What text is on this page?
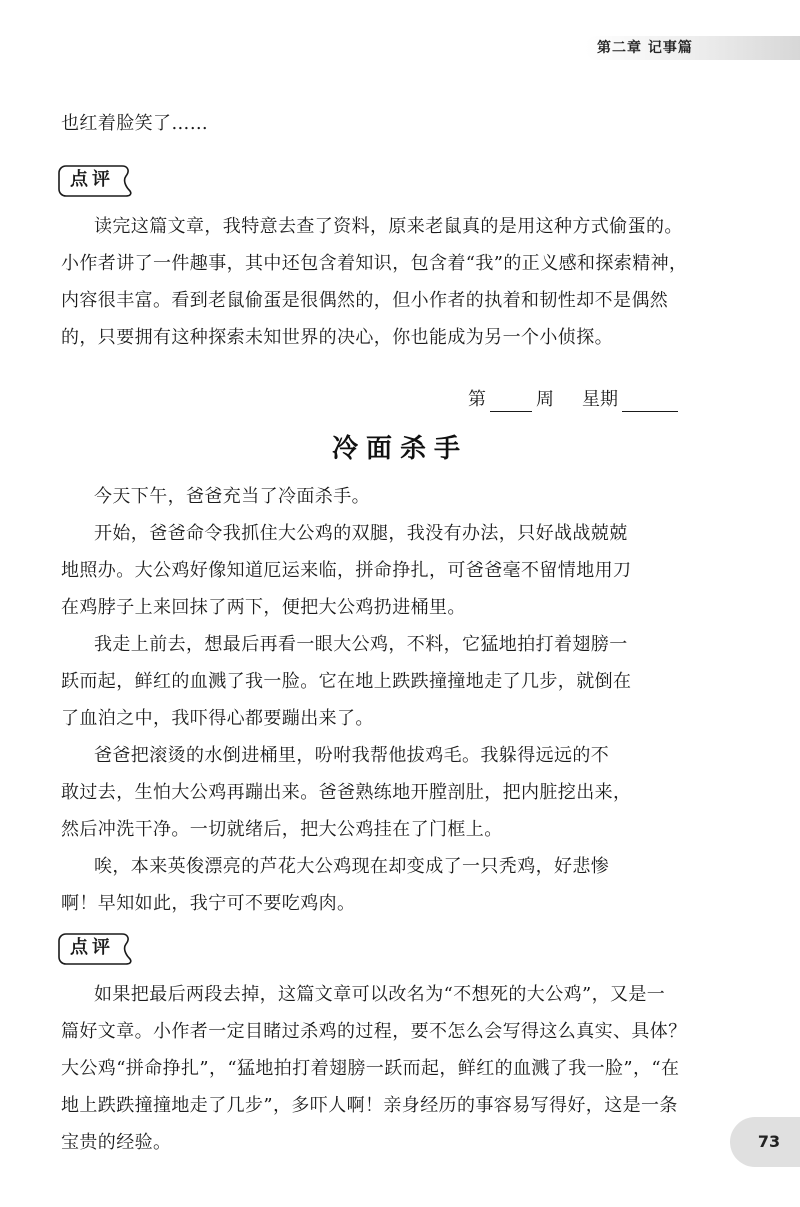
第二章 记事篇
也红着脸笑了……
点评
读完这篇文章，我特意去查了资料，原来老鼠真的是用这种方式偷蛋的。
小作者讲了一件趣事，其中还包含着知识，包含着“我”的正义感和探索精神，
内容很丰富。看到老鼠偷蛋是很偶然的，但小作者的执着和韧性却不是偶然
的，只要拥有这种探索未知世界的决心，你也能成为另一个小侦探。
第	周 星期
冷面杀手
今天下午，爸爸充当了冷面杀手。
开始，爸爸命令我抓住大公鸡的双腿，我没有办法，只好战战兢兢
地照办。大公鸡好像知道厄运来临，拼命挣扎，可爸爸毫不留情地用刀
在鸡脖子上来回抹了两下，便把大公鸡扔进桶里。
我走上前去，想最后再看一眼大公鸡，不料，它猛地拍打着翅膀一
跃而起，鲜红的血溅了我一脸。它在地上跌跌撞撞地走了几步，就倒在
了血泊之中，我吓得心都要蹦出来了。
爸爸把滚烫的水倒进桶里，吩咐我帮他拔鸡毛。我躲得远远的不
敢过去，生怕大公鸡再蹦出来。爸爸熟练地开膛剖肚，把内脏挖出来，
然后冲洗干净。一切就绪后，把大公鸡挂在了门框上。
唉，本来英俊漂亮的芦花大公鸡现在却变成了一只秃鸡，好悲惨
啊！早知如此，我宁可不要吃鸡肉。
点评
如果把最后两段去掉，这篇文章可以改名为“不想死的大公鸡”，又是一
篇好文章。小作者一定目睹过杀鸡的过程，要不怎么会写得这么真实、具体？
大公鸡“拼命挣扎”，“猛地拍打着翅膀一跃而起，鲜红的血溅了我一脸”，“在
地上跌跌撞撞地走了几步”，多吓人啊！亲身经历的事容易写得好，这是一条
宝贵的经验。	73
